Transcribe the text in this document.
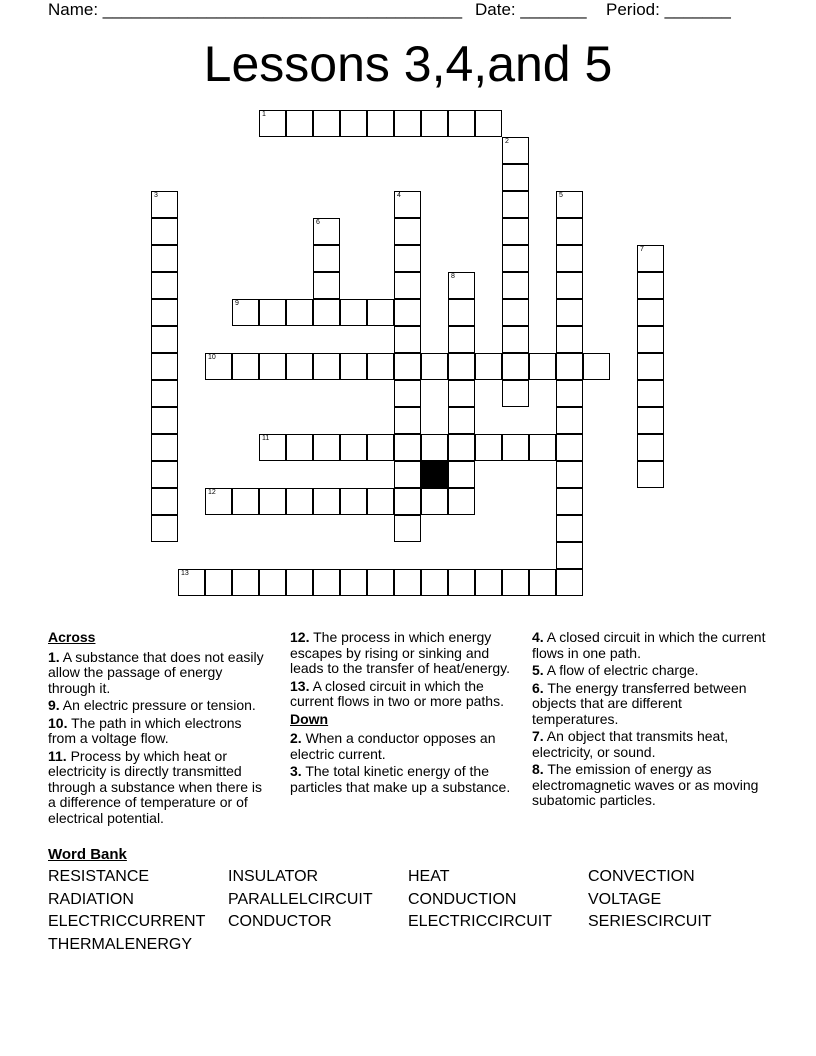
Name: ______________________________________ Date: _______ Period: _______
Lessons 3,4,and 5
1
2
3	4	5
6
7
8
9
10
11
12
13
Across
1. A substance that does not easily allow the passage of energy through it.
9. An electric pressure or tension.
10. The path in which electrons from a voltage flow.
11. Process by which heat or electricity is directly transmitted through a substance when there is a difference of temperature or of electrical potential.
12. The process in which energy escapes by rising or sinking and leads to the transfer of heat/energy.
13. A closed circuit in which the current flows in two or more paths.
Down
2. When a conductor opposes an electric current.
3. The total kinetic energy of the particles that make up a substance.
4. A closed circuit in which the current flows in one path.
5. A flow of electric charge.
6. The energy transferred between objects that are different temperatures.
7. An object that transmits heat, electricity, or sound.
8. The emission of energy as electromagnetic waves or as moving subatomic particles.
Word Bank
RESISTANCE	INSULATOR	HEAT	CONVECTION
RADIATION	PARALLELCIRCUIT	CONDUCTION	VOLTAGE
ELECTRICCURRENT	CONDUCTOR	ELECTRICCIRCUIT	SERIESCIRCUIT
THERMALENERGY
